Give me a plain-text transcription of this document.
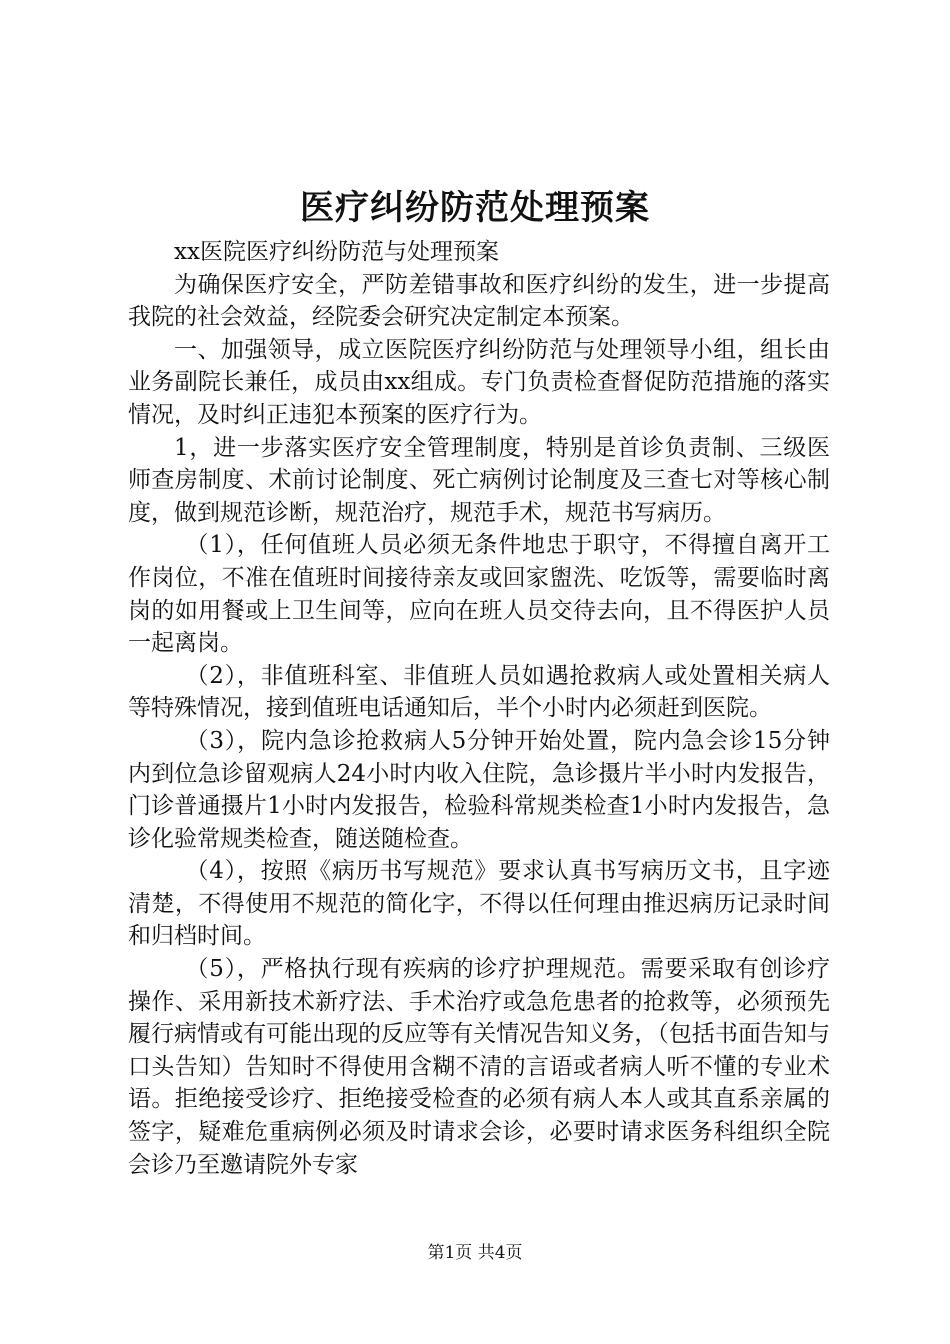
医疗纠纷防范处理预案

xx医院医疗纠纷防范与处理预案

为确保医疗安全，严防差错事故和医疗纠纷的发生，进一步提高我院的社会效益，经院委会研究决定制定本预案。

一、加强领导，成立医院医疗纠纷防范与处理领导小组，组长由业务副院长兼任，成员由xx组成。专门负责检查督促防范措施的落实情况，及时纠正违犯本预案的医疗行为。

1，进一步落实医疗安全管理制度，特别是首诊负责制、三级医师查房制度、术前讨论制度、死亡病例讨论制度及三查七对等核心制度，做到规范诊断，规范治疗，规范手术，规范书写病历。

（1），任何值班人员必须无条件地忠于职守，不得擅自离开工作岗位，不准在值班时间接待亲友或回家盥洗、吃饭等，需要临时离岗的如用餐或上卫生间等，应向在班人员交待去向，且不得医护人员一起离岗。

（2），非值班科室、非值班人员如遇抢救病人或处置相关病人等特殊情况，接到值班电话通知后，半个小时内必须赶到医院。

（3），院内急诊抢救病人5分钟开始处置，院内急会诊15分钟内到位急诊留观病人24小时内收入住院，急诊摄片半小时内发报告，门诊普通摄片1小时内发报告，检验科常规类检查1小时内发报告，急诊化验常规类检查，随送随检查。

（4），按照《病历书写规范》要求认真书写病历文书，且字迹清楚，不得使用不规范的简化字，不得以任何理由推迟病历记录时间和归档时间。

（5），严格执行现有疾病的诊疗护理规范。需要采取有创诊疗操作、采用新技术新疗法、手术治疗或急危患者的抢救等，必须预先履行病情或有可能出现的反应等有关情况告知义务，（包括书面告知与口头告知）告知时不得使用含糊不清的言语或者病人听不懂的专业术语。拒绝接受诊疗、拒绝接受检查的必须有病人本人或其直系亲属的签字，疑难危重病例必须及时请求会诊，必要时请求医务科组织全院会诊乃至邀请院外专家

第1页 共4页
